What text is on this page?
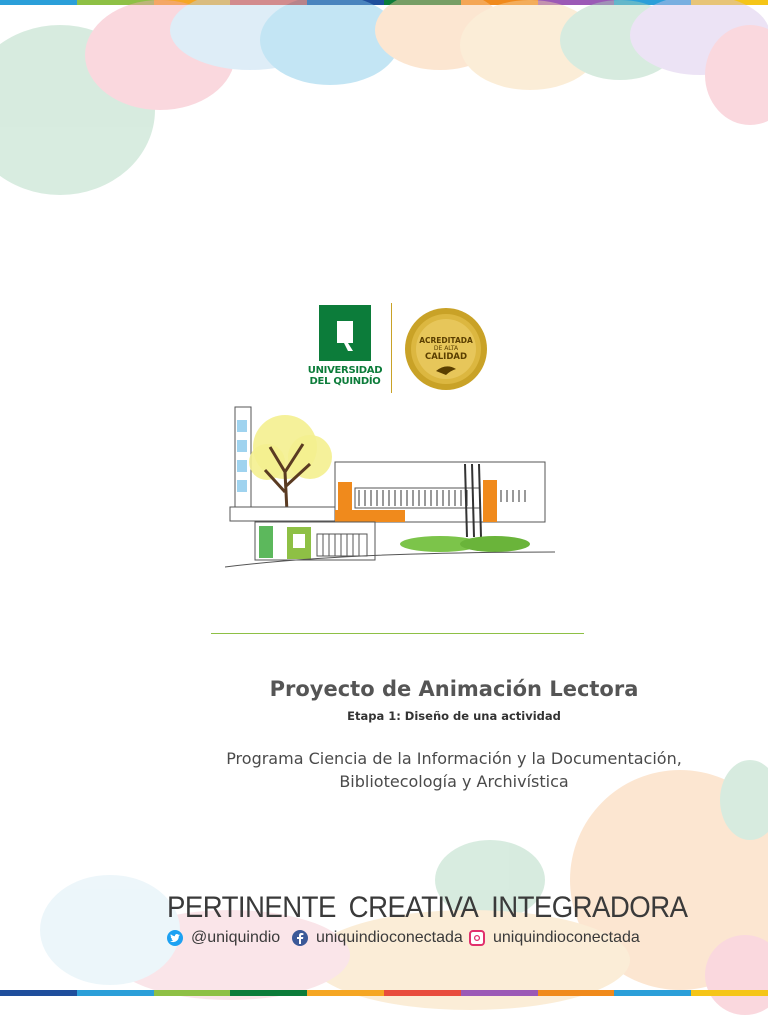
UNIVERSIDAD
DEL QUINDÍO
ACREDITADA
DE ALTA
CALIDAD
Proyecto de Animación Lectora
Etapa 1: Diseño de una actividad
Programa Ciencia de la Información y la Documentación,
Bibliotecología y Archivística
PERTINENTE CREATIVA INTEGRADORA
@uniquindio uniquindioconectada uniquindioconectada
